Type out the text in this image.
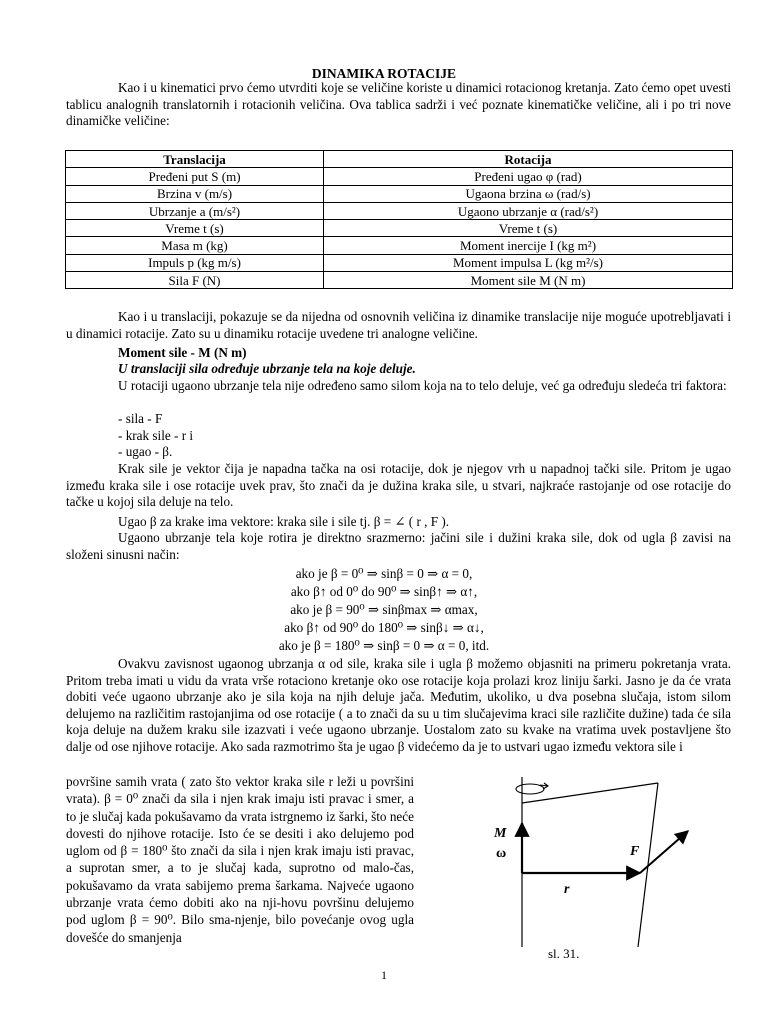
DINAMIKA ROTACIJE

Kao i u kinematici prvo ćemo utvrditi koje se veličine koriste u dinamici rotacionog kretanja. Zato ćemo opet uvesti tablicu analognih translatornih i rotacionih veličina. Ova tablica sadrži i već poznate kinematičke veličine, ali i po tri nove dinamičke veličine:

Translacija	Rotacija
Pređeni put S (m)	Pređeni ugao φ (rad)
Brzina v (m/s)	Ugaona brzina ω (rad/s)
Ubrzanje a (m/s²)	Ugaono ubrzanje α (rad/s²)
Vreme t (s)	Vreme t (s)
Masa m (kg)	Moment inercije I (kg m²)
Impuls p (kg m/s)	Moment impulsa L (kg m²/s)
Sila F (N)	Moment sile M (N m)

Kao i u translaciji, pokazuje se da nijedna od osnovnih veličina iz dinamike translacije nije moguće upotrebljavati i u dinamici rotacije. Zato su u dinamiku rotacije uvedene tri analogne veličine.

Moment sile - M (N m)
U translaciji sila određuje ubrzanje tela na koje deluje.

U rotaciji ugaono ubrzanje tela nije određeno samo silom koja na to telo deluje, već ga određuju sledeća tri faktora:

- sila - F
- krak sile - r i
- ugao - β.

Krak sile je vektor čija je napadna tačka na osi rotacije, dok je njegov vrh u napadnoj tački sile. Pritom je ugao između kraka sile i ose rotacije uvek prav, što znači da je dužina kraka sile, u stvari, najkraće rastojanje od ose rotacije do tačke u kojoj sila deluje na telo.

Ugao β za krake ima vektore: kraka sile i sile tj. β = ∠ ( r , F ).

Ugaono ubrzanje tela koje rotira je direktno srazmerno: jačini sile i dužini kraka sile, dok od ugla β zavisi na složeni sinusni način:

ako je β = 0⁰ ⇒ sinβ = 0 ⇒ α = 0,
ako β↑ od 0⁰ do 90⁰ ⇒ sinβ↑ ⇒ α↑,
ako je β = 90⁰ ⇒ sinβmax ⇒ αmax,
ako β↑ od 90⁰ do 180⁰ ⇒ sinβ↓ ⇒ α↓,
ako je β = 180⁰ ⇒ sinβ = 0 ⇒ α = 0, itd.

Ovakvu zavisnost ugaonog ubrzanja α od sile, kraka sile i ugla β možemo objasniti na primeru pokretanja vrata. Pritom treba imati u vidu da vrata vrše rotaciono kretanje oko ose rotacije koja prolazi kroz liniju šarki. Jasno je da će vrata dobiti veće ugaono ubrzanje ako je sila koja na njih deluje jača. Međutim, ukoliko, u dva posebna slučaja, istom silom delujemo na različitim rastojanjima od ose rotacije ( a to znači da su u tim slučajevima kraci sile različite dužine) tada će sila koja deluje na dužem kraku sile izazvati i veće ugaono ubrzanje. Uostalom zato su kvake na vratima uvek postavljene što dalje od ose njihove rotacije. Ako sada razmotrimo šta je ugao β videćemo da je to ustvari ugao između vektora sile i

površine samih vrata ( zato što vektor kraka sile r leži u površini vrata). β = 0⁰ znači da sila i njen krak imaju isti pravac i smer, a to je slučaj kada pokušavamo da vrata istrgnemo iz šarki, što neće dovesti do njihove rotacije. Isto će se desiti i ako delujemo pod uglom od β = 180⁰ što znači da sila i njen krak imaju isti pravac, a suprotan smer, a to je slučaj kada, suprotno od malo-čas, pokušavamo da vrata sabijemo prema šarkama. Najveće ugaono ubrzanje vrata ćemo dobiti ako na nji-hovu površinu delujemo pod uglom β = 90⁰. Bilo sma-njenje, bilo povećanje ovog ugla dovešće do smanjenja

M
ω	F
r
sl. 31.
1
